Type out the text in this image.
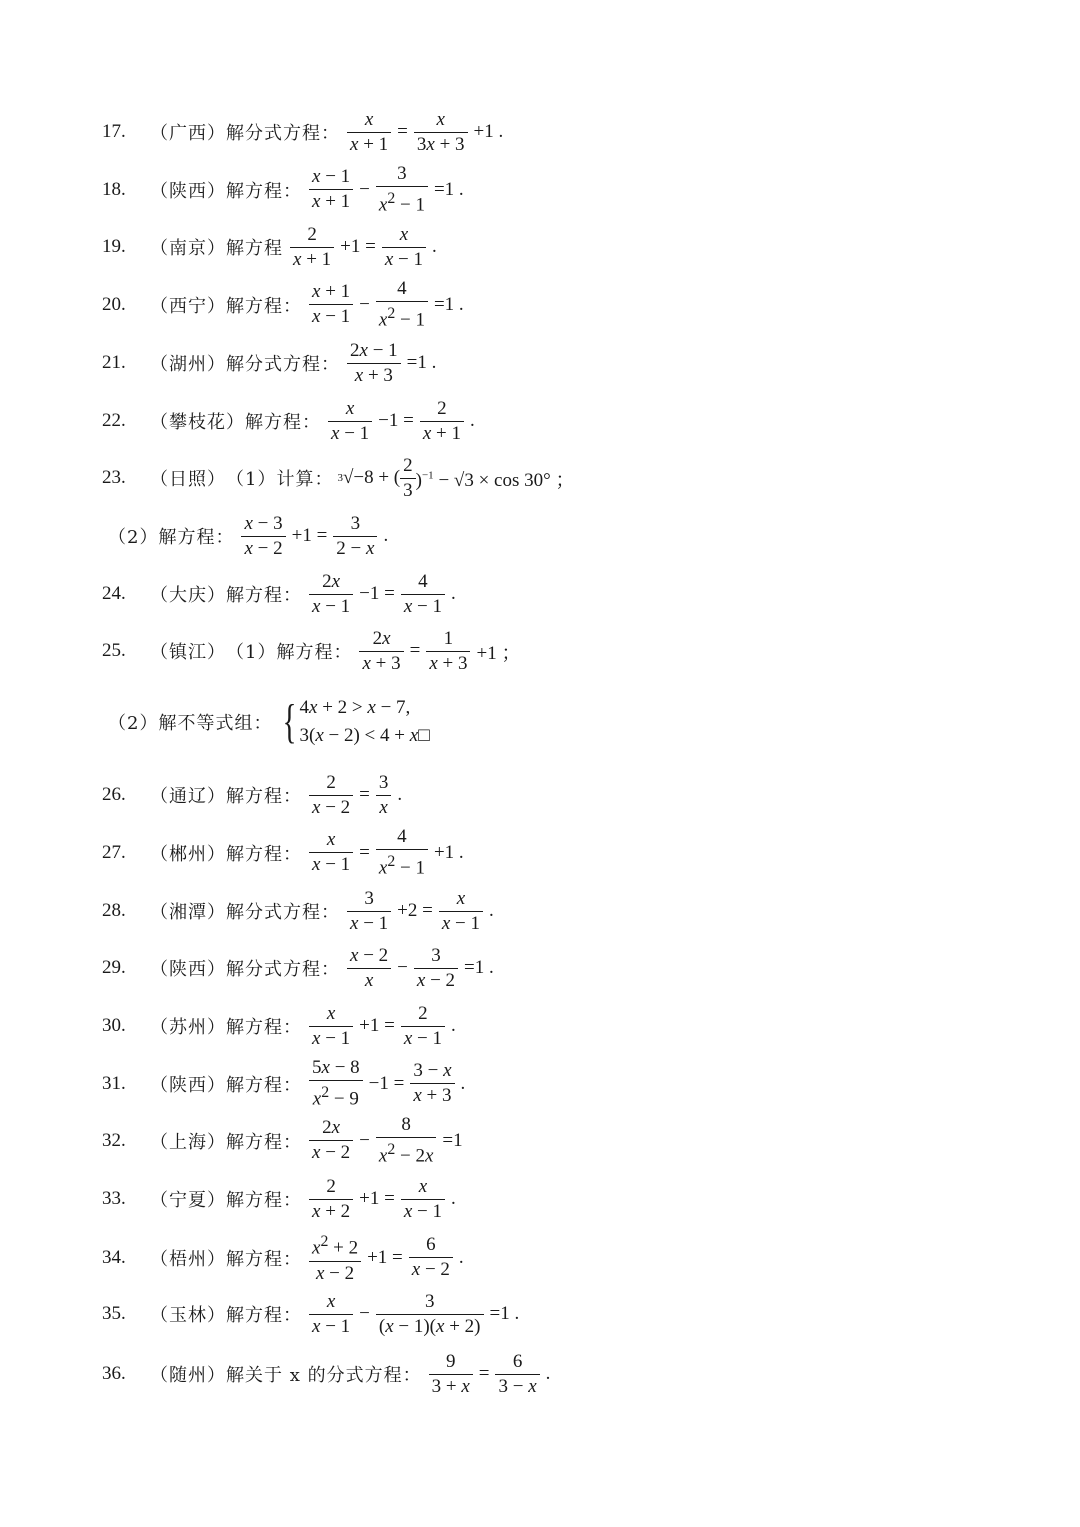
17. （广西） 解分式方程： $\frac{x}{x + 1} = \frac{x}{3x + 3} +1$ .
18. （陕西） 解方程： $\frac{x - 1}{x + 1} - \frac{3}{x^2 - 1} =1$ .
19. （南京） 解方程 $\frac{2}{x + 1} +1 = \frac{x}{x - 1}$ .
20. （西宁） 解方程： $\frac{x + 1}{x - 1} - \frac{4}{x^2 - 1} =1$ .
21. （湖州） 解分式方程： $\frac{2x - 1}{x + 3} =1$ .
22. （攀枝花） 解方程： $\frac{x}{x - 1} -1 = \frac{2}{x + 1}$ .
23. （日照） （1）计算： 3 √−8 + ( $\frac{2}{3} )^{-1} - √3 \times \cos 30^\circ$ ；
（2）解方程： $\frac{x - 3}{x - 2} +1 = \frac{3}{2 - x}$ .
24. （大庆） 解方程： $\frac{2x}{x - 1} -1 = \frac{4}{x - 1}$ .
25. （镇江） （1）解方程： $\frac{2x}{x + 3} = \frac{1}{x + 3} +1$ ；
（2）解不等式组： { 4x + 2 > x − 7,
3(x − 2) < 4 + x□
26. （通辽） 解方程： $\frac{2}{x - 2} = \frac{3}{x}$ .
27. （郴州） 解方程： $\frac{x}{x - 1} = \frac{4}{x^2 - 1} +1$ .
28. （湘潭） 解分式方程： $\frac{3}{x - 1} +2 = \frac{x}{x - 1}$ .
29. （陕西） 解分式方程： $\frac{x - 2}{x} - \frac{3}{x - 2} =1$ .
30. （苏州） 解方程： $\frac{x}{x - 1} +1 = \frac{2}{x - 1}$ .
31. （陕西） 解方程： $\frac{5x - 8}{x^2 - 9} -1 = \frac{3 - x}{x + 3}$ .
32. （上海） 解方程： $\frac{2x}{x - 2} - \frac{8}{x^2 - 2x} =1$
33. （宁夏） 解方程： $\frac{2}{x + 2} +1 = \frac{x}{x - 1}$ .
34. （梧州） 解方程： $\frac{x^2 + 2}{x - 2} +1 = \frac{6}{x - 2}$ .
35. （玉林） 解方程： $\frac{x}{x - 1} - \frac{3}{(x - 1)(x + 2)} =1$ .
36. （随州） 解关于 x 的分式方程： $\frac{9}{3 + x} = \frac{6}{3 - x}$ .
